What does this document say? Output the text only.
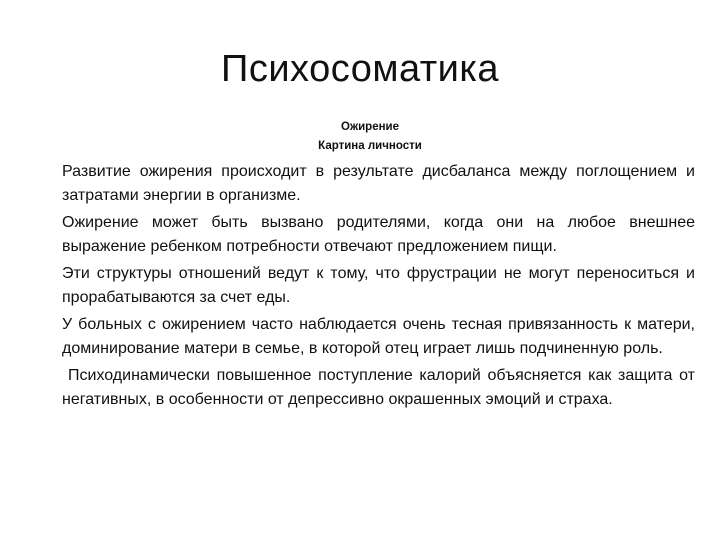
Психосоматика
Ожирение
Картина личности

Развитие ожирения происходит в результате дисбаланса между поглощением и затратами энергии в организме.

Ожирение может быть вызвано родителями, когда они на любое внешнее выражение ребенком потребности отвечают предложением пищи.

Эти структуры отношений ведут к тому, что фрустрации не могут переноситься и прорабатываются за счет еды.

У больных с ожирением часто наблюдается очень тесная привязанность к матери, доминирование матери в семье, в которой отец играет лишь подчиненную роль.

Психодинамически повышенное поступление калорий объясняется как защита от негативных, в особенности от депрессивно окрашенных эмоций и страха.
